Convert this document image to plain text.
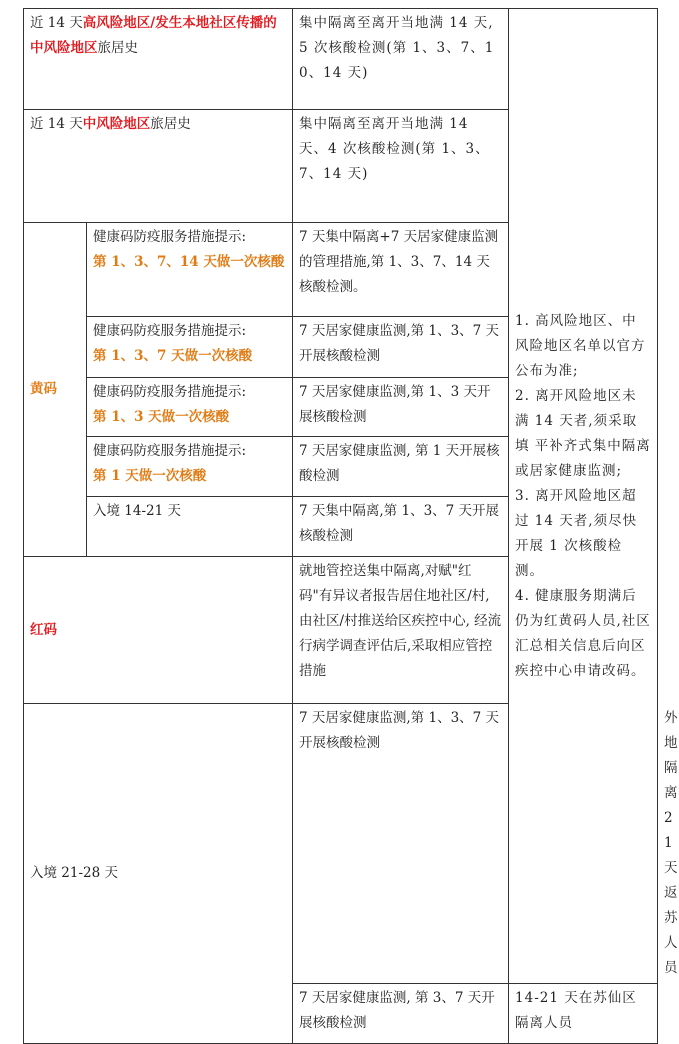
近 14 天高风险地区/发生本地社区传播的中风险地区旅居史		集中隔离至离开当地满 14 天,5 次核酸检测(第 1、3、7、10、14 天)	1. 高风险地区、中风险地区名单以官方 公布为准;
2. 离开风险地区未满 14 天者,须采取填 平补齐式集中隔离或居家健康监测;
3. 离开风险地区超过 14 天者,须尽快开展 1 次核酸检测。
4. 健康服务期满后仍为红黄码人员,社区汇总相关信息后向区疾控中心申请改码。	

近 14 天中风险地区旅居史		集中隔离至离开当地满 14 天、4 次核酸检测(第 1、3、7、14 天)		
黄码	健康码防疫服务措施提示:
第 1、3、7、14 天做一次核酸	7 天集中隔离+7 天居家健康监测的管理措施,第 1、3、7、14 天核酸检测。		

	健康码防疫服务措施提示:
第 1、3、7 天做一次核酸	7 天居家健康监测,第 1、3、7 天开展核酸检测		

	健康码防疫服务措施提示:
第 1、3 天做一次核酸	7 天居家健康监测,第 1、3 天开展核酸检测		

	健康码防疫服务措施提示:
第 1 天做一次核酸	7 天居家健康监测, 第 1 天开展核酸检测		

	入境 14-21 天	7 天集中隔离,第 1、3、7 天开展核酸检测		
红码		就地管控送集中隔离,对赋"红码"有异议者报告居住地社区/村,由社区/村推送给区疾控中心, 经流行病学调查评估后,采取相应管控措施		
入境 21-28 天		7 天居家健康监测,第 1、3、7 天开展核酸检测		外地隔离 21 天返苏人员
		7 天居家健康监测, 第 3、7 天开展核酸检测	14-21 天在苏仙区隔离人员	
